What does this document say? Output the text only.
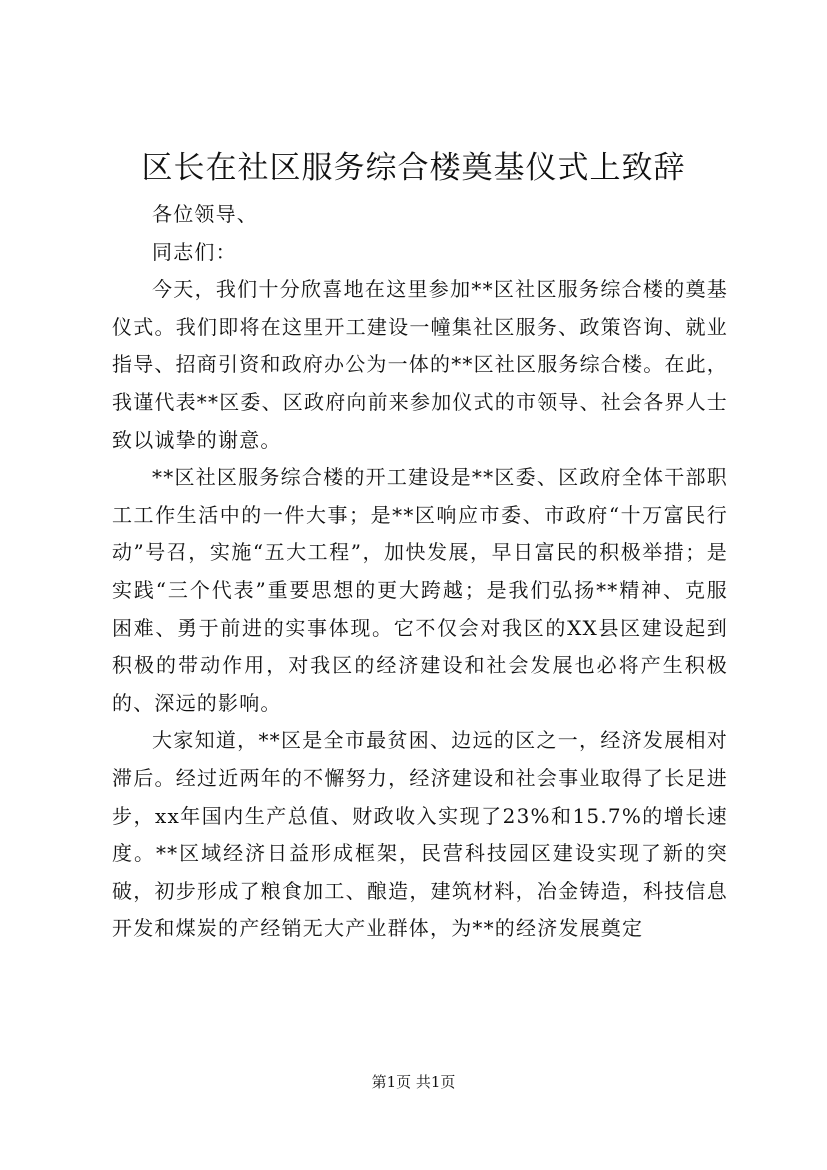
区长在社区服务综合楼奠基仪式上致辞

各位领导、

同志们：

今天，我们十分欣喜地在这里参加**区社区服务综合楼的奠基仪式。我们即将在这里开工建设一幢集社区服务、政策咨询、就业指导、招商引资和政府办公为一体的**区社区服务综合楼。在此，我谨代表**区委、区政府向前来参加仪式的市领导、社会各界人士致以诚挚的谢意。

**区社区服务综合楼的开工建设是**区委、区政府全体干部职工工作生活中的一件大事；是**区响应市委、市政府“十万富民行动”号召，实施“五大工程”，加快发展，早日富民的积极举措；是实践“三个代表”重要思想的更大跨越；是我们弘扬**精神、克服困难、勇于前进的实事体现。它不仅会对我区的XX县区建设起到积极的带动作用，对我区的经济建设和社会发展也必将产生积极的、深远的影响。

大家知道，**区是全市最贫困、边远的区之一，经济发展相对滞后。经过近两年的不懈努力，经济建设和社会事业取得了长足进步，xx年国内生产总值、财政收入实现了23%和15.7%的增长速度。**区域经济日益形成框架，民营科技园区建设实现了新的突破，初步形成了粮食加工、酿造，建筑材料，冶金铸造，科技信息开发和煤炭的产经销无大产业群体，为**的经济发展奠定

第1页 共1页
